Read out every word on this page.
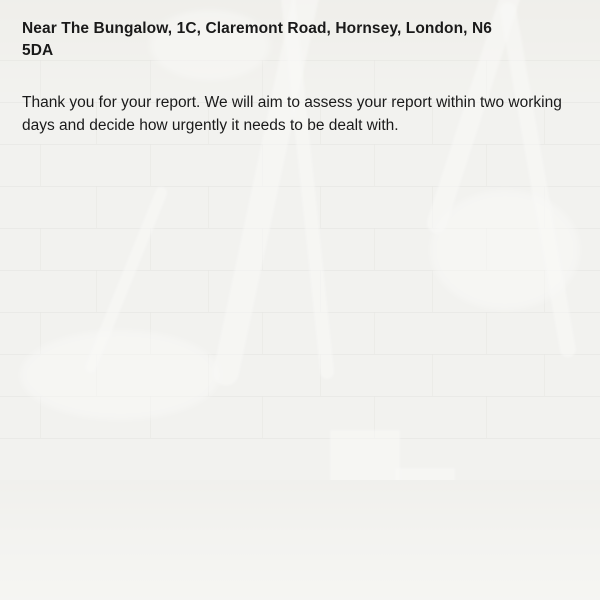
Near The Bungalow, 1C, Claremont Road, Hornsey, London, N6 5DA
Thank you for your report. We will aim to assess your report within two working days and decide how urgently it needs to be dealt with.
